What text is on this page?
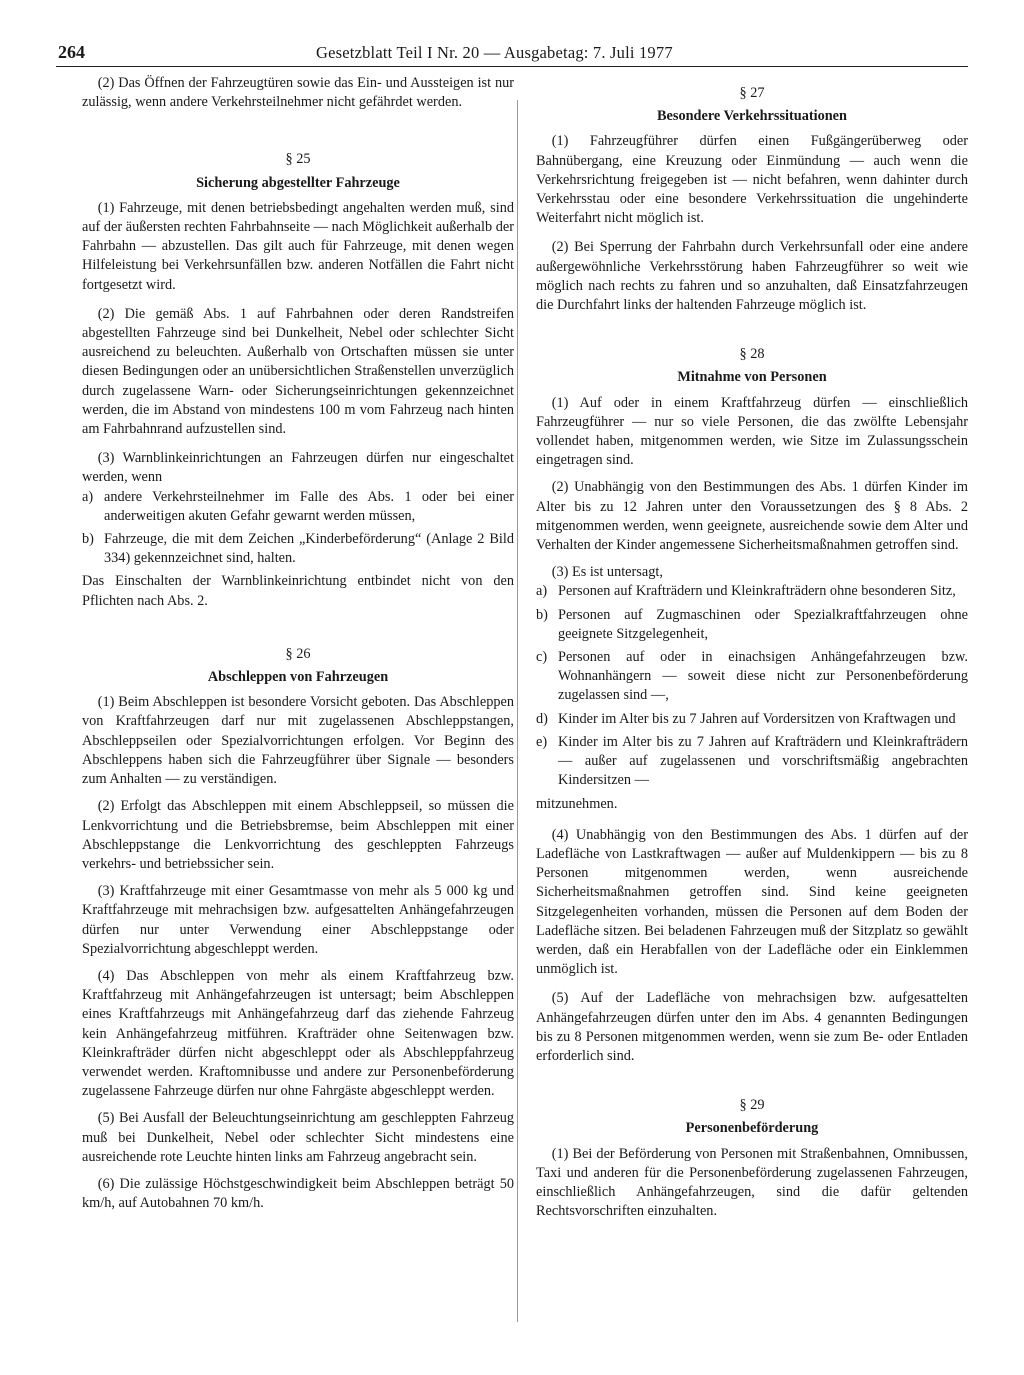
264	Gesetzblatt Teil I Nr. 20 — Ausgabetag: 7. Juli 1977

(2) Das Öffnen der Fahrzeugtüren sowie das Ein- und Aussteigen ist nur zulässig, wenn andere Verkehrsteilnehmer nicht gefährdet werden.

§ 25
Sicherung abgestellter Fahrzeuge

(1) Fahrzeuge, mit denen betriebsbedingt angehalten werden muß, sind auf der äußersten rechten Fahrbahnseite — nach Möglichkeit außerhalb der Fahrbahn — abzustellen. Das gilt auch für Fahrzeuge, mit denen wegen Hilfeleistung bei Verkehrsunfällen bzw. anderen Notfällen die Fahrt nicht fortgesetzt wird.

(2) Die gemäß Abs. 1 auf Fahrbahnen oder deren Randstreifen abgestellten Fahrzeuge sind bei Dunkelheit, Nebel oder schlechter Sicht ausreichend zu beleuchten. Außerhalb von Ortschaften müssen sie unter diesen Bedingungen oder an unübersichtlichen Straßenstellen unverzüglich durch zugelassene Warn- oder Sicherungseinrichtungen gekennzeichnet werden, die im Abstand von mindestens 100 m vom Fahrzeug nach hinten am Fahrbahnrand aufzustellen sind.

(3) Warnblinkeinrichtungen an Fahrzeugen dürfen nur eingeschaltet werden, wenn

a) andere Verkehrsteilnehmer im Falle des Abs. 1 oder bei einer anderweitigen akuten Gefahr gewarnt werden müssen,
b) Fahrzeuge, die mit dem Zeichen „Kinderbeförderung“ (Anlage 2 Bild 334) gekennzeichnet sind, halten.

Das Einschalten der Warnblinkeinrichtung entbindet nicht von den Pflichten nach Abs. 2.

§ 26
Abschleppen von Fahrzeugen

(1) Beim Abschleppen ist besondere Vorsicht geboten. Das Abschleppen von Kraftfahrzeugen darf nur mit zugelassenen Abschleppstangen, Abschleppseilen oder Spezialvorrichtungen erfolgen. Vor Beginn des Abschleppens haben sich die Fahrzeugführer über Signale — besonders zum Anhalten — zu verständigen.

(2) Erfolgt das Abschleppen mit einem Abschleppseil, so müssen die Lenkvorrichtung und die Betriebsbremse, beim Abschleppen mit einer Abschleppstange die Lenkvorrichtung des geschleppten Fahrzeugs verkehrs- und betriebssicher sein.

(3) Kraftfahrzeuge mit einer Gesamtmasse von mehr als 5 000 kg und Kraftfahrzeuge mit mehrachsigen bzw. aufgesattelten Anhängefahrzeugen dürfen nur unter Verwendung einer Abschleppstange oder Spezialvorrichtung abgeschleppt werden.

(4) Das Abschleppen von mehr als einem Kraftfahrzeug bzw. Kraftfahrzeug mit Anhängefahrzeugen ist untersagt; beim Abschleppen eines Kraftfahrzeugs mit Anhängefahrzeug darf das ziehende Fahrzeug kein Anhängefahrzeug mitführen. Krafträder ohne Seitenwagen bzw. Kleinkrafträder dürfen nicht abgeschleppt oder als Abschleppfahrzeug verwendet werden. Kraftomnibusse und andere zur Personenbeförderung zugelassene Fahrzeuge dürfen nur ohne Fahrgäste abgeschleppt werden.

(5) Bei Ausfall der Beleuchtungseinrichtung am geschleppten Fahrzeug muß bei Dunkelheit, Nebel oder schlechter Sicht mindestens eine ausreichende rote Leuchte hinten links am Fahrzeug angebracht sein.

(6) Die zulässige Höchstgeschwindigkeit beim Abschleppen beträgt 50 km/h, auf Autobahnen 70 km/h.

§ 27
Besondere Verkehrssituationen

(1) Fahrzeugführer dürfen einen Fußgängerüberweg oder Bahnübergang, eine Kreuzung oder Einmündung — auch wenn die Verkehrsrichtung freigegeben ist — nicht befahren, wenn dahinter durch Verkehrsstau oder eine besondere Verkehrssituation die ungehinderte Weiterfahrt nicht möglich ist.

(2) Bei Sperrung der Fahrbahn durch Verkehrsunfall oder eine andere außergewöhnliche Verkehrsstörung haben Fahrzeugführer so weit wie möglich nach rechts zu fahren und so anzuhalten, daß Einsatzfahrzeugen die Durchfahrt links der haltenden Fahrzeuge möglich ist.

§ 28
Mitnahme von Personen

(1) Auf oder in einem Kraftfahrzeug dürfen — einschließlich Fahrzeugführer — nur so viele Personen, die das zwölfte Lebensjahr vollendet haben, mitgenommen werden, wie Sitze im Zulassungsschein eingetragen sind.

(2) Unabhängig von den Bestimmungen des Abs. 1 dürfen Kinder im Alter bis zu 12 Jahren unter den Voraussetzungen des § 8 Abs. 2 mitgenommen werden, wenn geeignete, ausreichende sowie dem Alter und Verhalten der Kinder angemessene Sicherheitsmaßnahmen getroffen sind.

(3) Es ist untersagt,

a) Personen auf Krafträdern und Kleinkrafträdern ohne besonderen Sitz,
b) Personen auf Zugmaschinen oder Spezialkraftfahrzeugen ohne geeignete Sitzgelegenheit,
c) Personen auf oder in einachsigen Anhängefahrzeugen bzw. Wohnanhängern — soweit diese nicht zur Personenbeförderung zugelassen sind —,
d) Kinder im Alter bis zu 7 Jahren auf Vordersitzen von Kraftwagen und
e) Kinder im Alter bis zu 7 Jahren auf Krafträdern und Kleinkrafträdern — außer auf zugelassenen und vorschriftsmäßig angebrachten Kindersitzen —

mitzunehmen.

(4) Unabhängig von den Bestimmungen des Abs. 1 dürfen auf der Ladefläche von Lastkraftwagen — außer auf Muldenkippern — bis zu 8 Personen mitgenommen werden, wenn ausreichende Sicherheitsmaßnahmen getroffen sind. Sind keine geeigneten Sitzgelegenheiten vorhanden, müssen die Personen auf dem Boden der Ladefläche sitzen. Bei beladenen Fahrzeugen muß der Sitzplatz so gewählt werden, daß ein Herabfallen von der Ladefläche oder ein Einklemmen unmöglich ist.

(5) Auf der Ladefläche von mehrachsigen bzw. aufgesattelten Anhängefahrzeugen dürfen unter den im Abs. 4 genannten Bedingungen bis zu 8 Personen mitgenommen werden, wenn sie zum Be- oder Entladen erforderlich sind.

§ 29
Personenbeförderung

(1) Bei der Beförderung von Personen mit Straßenbahnen, Omnibussen, Taxi und anderen für die Personenbeförderung zugelassenen Fahrzeugen, einschließlich Anhängefahrzeugen, sind die dafür geltenden Rechtsvorschriften einzuhalten.
